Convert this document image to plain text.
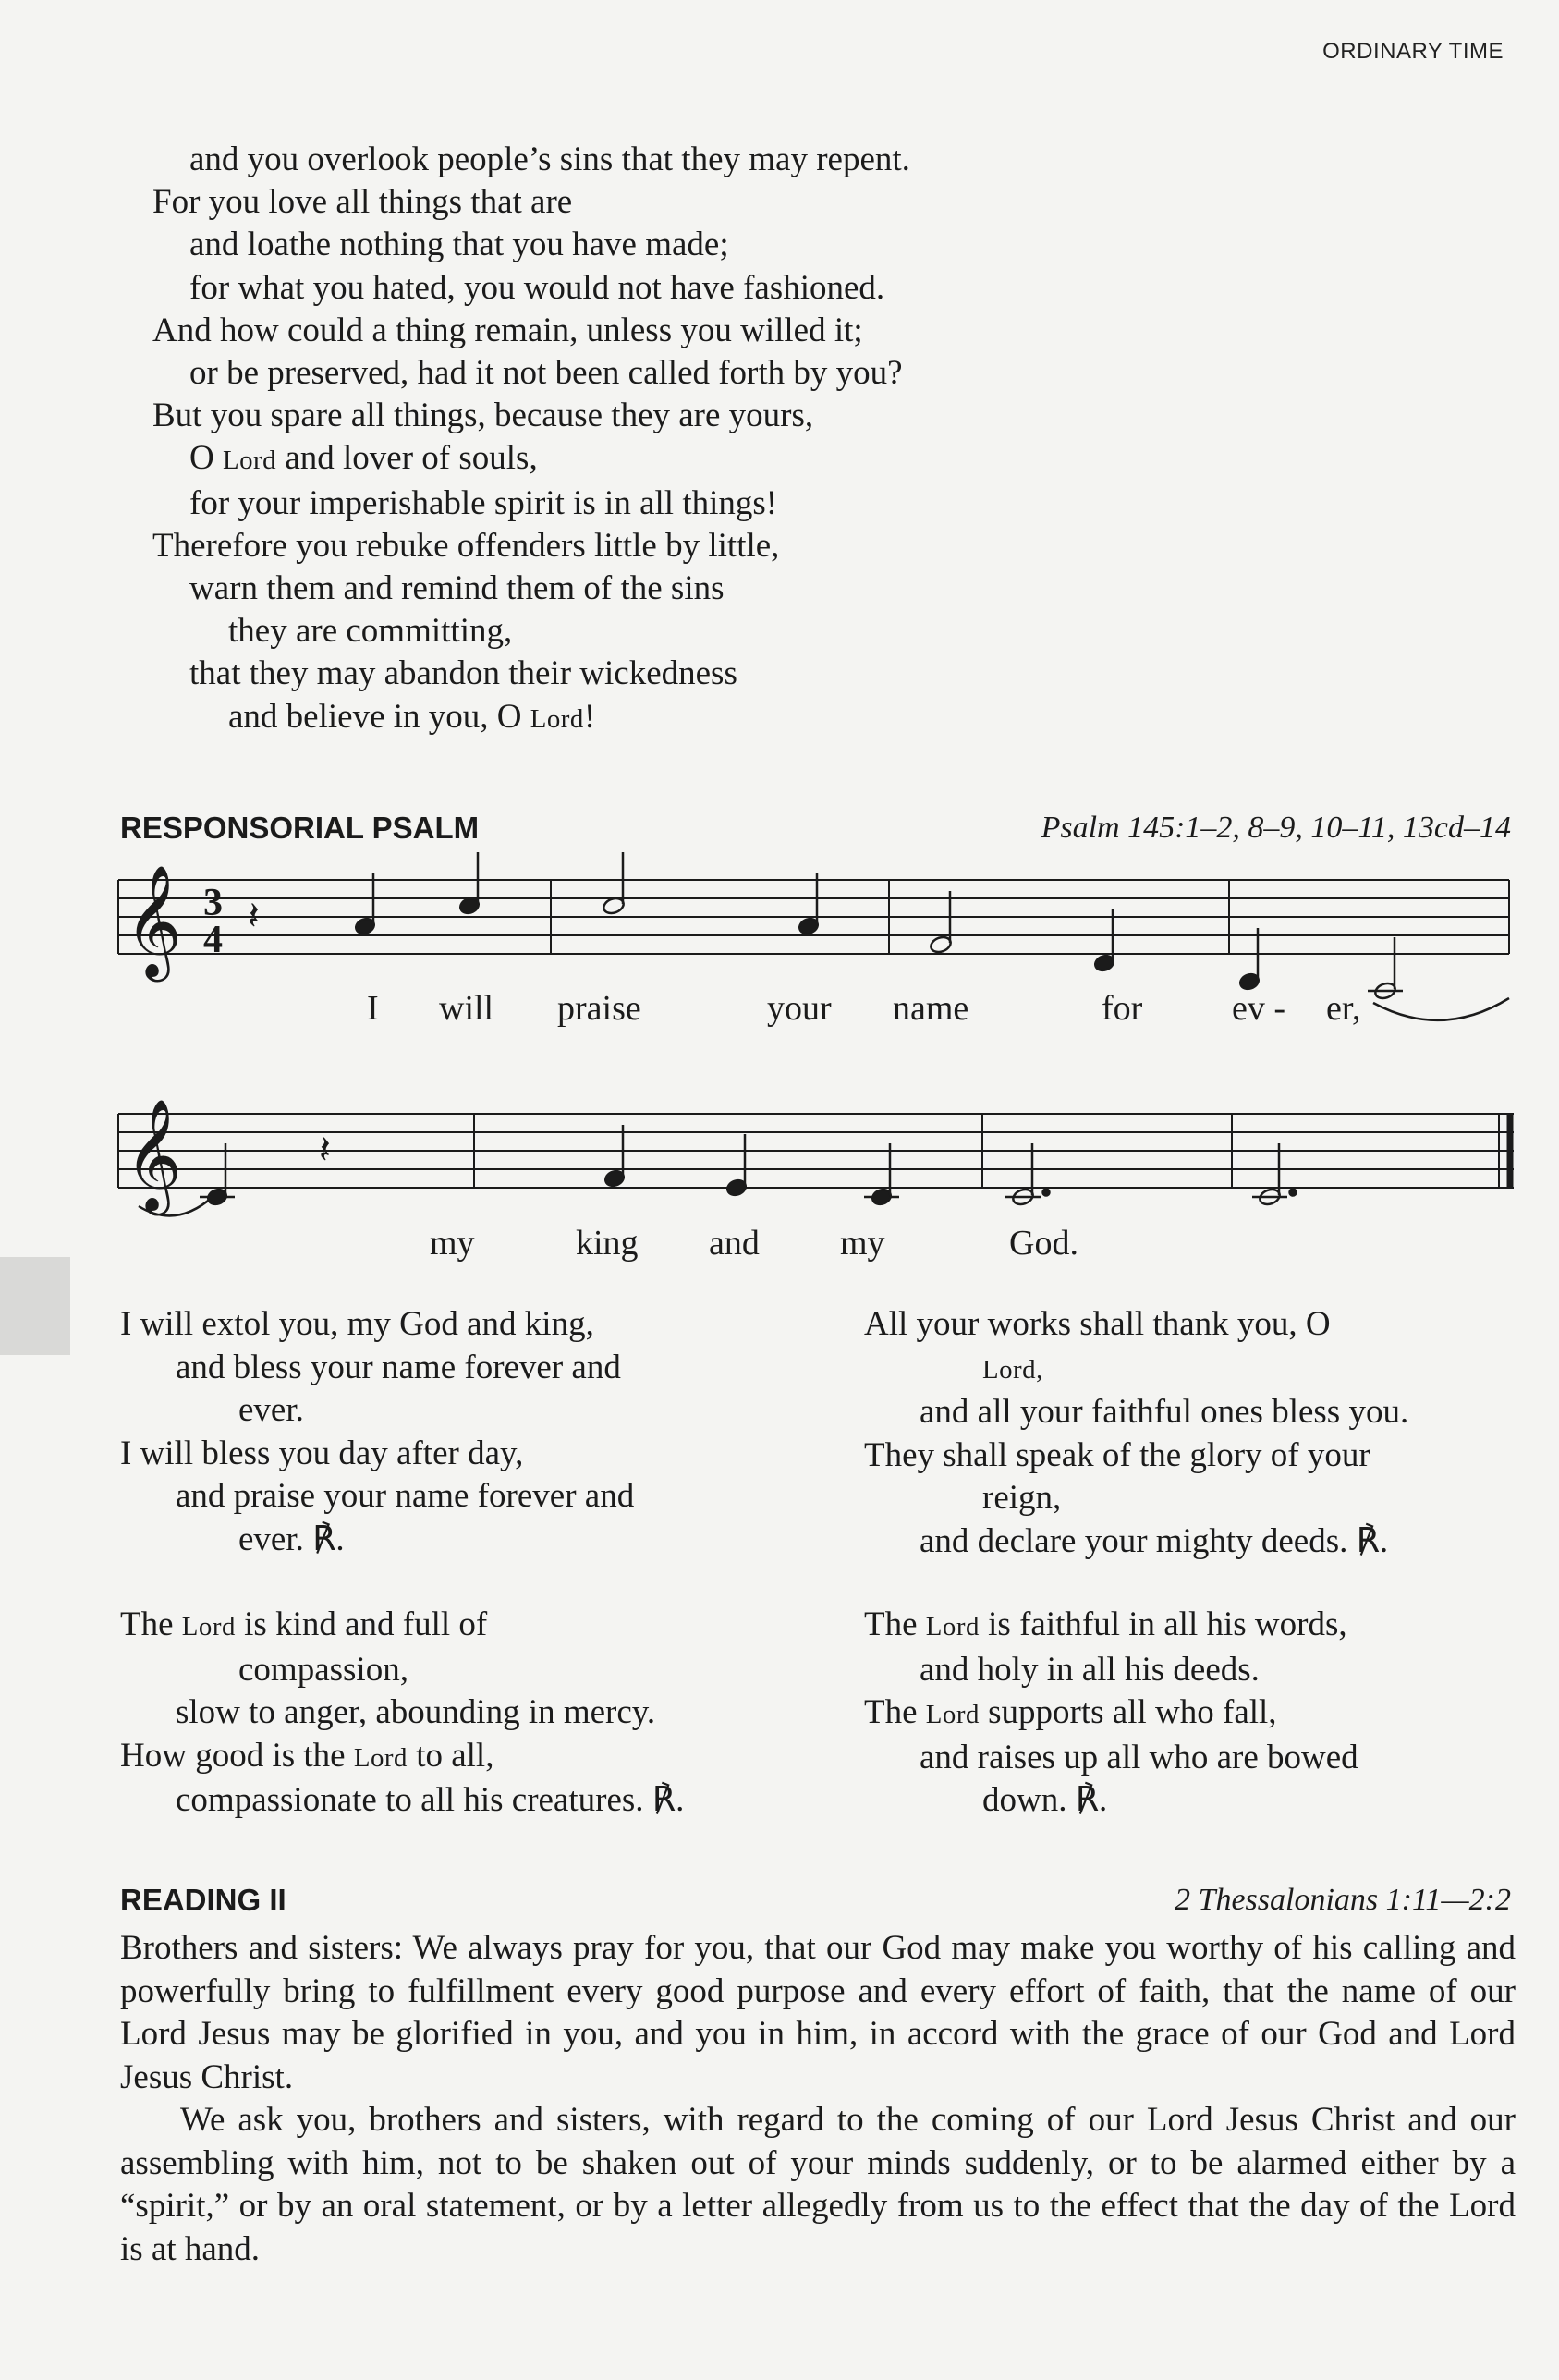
ORDINARY TIME
and you overlook people’s sins that they may repent.
For you love all things that are
and loathe nothing that you have made;
for what you hated, you would not have fashioned.
And how could a thing remain, unless you willed it;
or be preserved, had it not been called forth by you?
But you spare all things, because they are yours,
O Lord and lover of souls,
for your imperishable spirit is in all things!
Therefore you rebuke offenders little by little,
warn them and remind them of the sins
they are committing,
that they may abandon their wickedness
and believe in you, O Lord!
RESPONSORIAL PSALM	Psalm 145:1–2, 8–9, 10–11, 13cd–14
𝄞 3
4
𝄽
I will praise	your name	for	ev - er,
𝄞	𝄽
my	king and my	God.
I will extol you, my God and king,
and bless your name forever and
ever.
I will bless you day after day,
and praise your name forever and
ever. ℟.
All your works shall thank you, O
Lord,
and all your faithful ones bless you.
They shall speak of the glory of your
reign,
and declare your mighty deeds. ℟.
The Lord is kind and full of
compassion,
slow to anger, abounding in mercy.
How good is the Lord to all,
compassionate to all his creatures. ℟.
The Lord is faithful in all his words,
and holy in all his deeds.
The Lord supports all who fall,
and raises up all who are bowed
down. ℟.
READING II	2 Thessalonians 1:11—2:2

Brothers and sisters: We always pray for you, that our God may make you worthy of his calling and powerfully bring to fulfillment every good purpose and every effort of faith, that the name of our Lord Jesus may be glorified in you, and you in him, in accord with the grace of our God and Lord Jesus Christ.

We ask you, brothers and sisters, with regard to the coming of our Lord Jesus Christ and our assembling with him, not to be shaken out of your minds suddenly, or to be alarmed either by a “spirit,” or by an oral statement, or by a letter allegedly from us to the effect that the day of the Lord is at hand.
